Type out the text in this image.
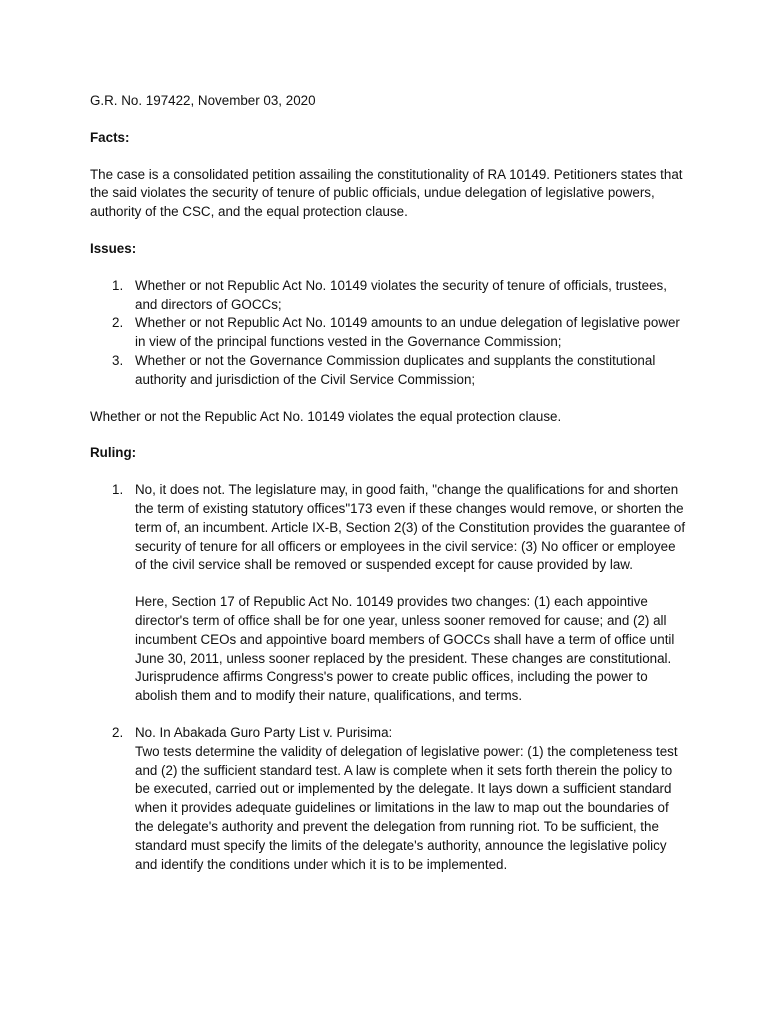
G.R. No. 197422, November 03, 2020

Facts:

The case is a consolidated petition assailing the constitutionality of RA 10149. Petitioners states that the said violates the security of tenure of public officials, undue delegation of legislative powers, authority of the CSC, and the equal protection clause.

Issues:

1. Whether or not Republic Act No. 10149 violates the security of tenure of officials, trustees, and directors of GOCCs;
2. Whether or not Republic Act No. 10149 amounts to an undue delegation of legislative power in view of the principal functions vested in the Governance Commission;
3. Whether or not the Governance Commission duplicates and supplants the constitutional authority and jurisdiction of the Civil Service Commission;

Whether or not the Republic Act No. 10149 violates the equal protection clause.

Ruling:

1. No, it does not. The legislature may, in good faith, "change the qualifications for and shorten the term of existing statutory offices"173 even if these changes would remove, or shorten the term of, an incumbent. Article IX-B, Section 2(3) of the Constitution provides the guarantee of security of tenure for all officers or employees in the civil service: (3) No officer or employee of the civil service shall be removed or suspended except for cause provided by law.

Here, Section 17 of Republic Act No. 10149 provides two changes: (1) each appointive director's term of office shall be for one year, unless sooner removed for cause; and (2) all incumbent CEOs and appointive board members of GOCCs shall have a term of office until June 30, 2011, unless sooner replaced by the president. These changes are constitutional. Jurisprudence affirms Congress's power to create public offices, including the power to abolish them and to modify their nature, qualifications, and terms.

2. No. In Abakada Guro Party List v. Purisima:

Two tests determine the validity of delegation of legislative power: (1) the completeness test and (2) the sufficient standard test. A law is complete when it sets forth therein the policy to be executed, carried out or implemented by the delegate. It lays down a sufficient standard when it provides adequate guidelines or limitations in the law to map out the boundaries of the delegate's authority and prevent the delegation from running riot. To be sufficient, the standard must specify the limits of the delegate's authority, announce the legislative policy and identify the conditions under which it is to be implemented.
